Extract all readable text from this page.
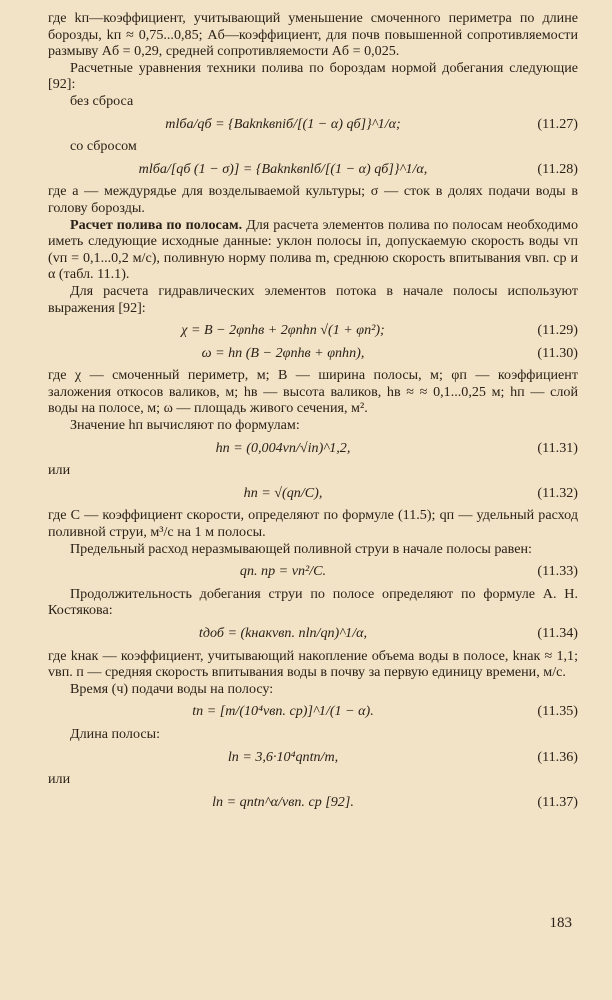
где kп—коэффициент, учитывающий уменьшение смоченного периметра по длине борозды, kп ≈ 0,75...0,85; Aб—коэффициент, для почв повышенной сопротивляемости размыву Aб = 0,29, средней сопротивляемости Aб = 0,025.

Расчетные уравнения техники полива по бороздам нормой добегания следующие [92]:

без сброса

mlбa/qб = {Bаkпkвпiб/[(1 − α) qб]}^1/α;	(11.27)

со сбросом

mlбa/[qб (1 − σ)] = {Bаkпkвпlб/[(1 − α) qб]}^1/α,	(11.28)

где a — междурядье для возделываемой культуры; σ — сток в долях подачи воды в голову борозды.

Расчет полива по полосам. Для расчета элементов полива по полосам необходимо иметь следующие исходные данные: уклон полосы iп, допускаемую скорость воды vп (vп = 0,1...0,2 м/с), поливную норму полива m, среднюю скорость впитывания vвп. ср и α (табл. 11.1).

Для расчета гидравлических элементов потока в начале полосы используют выражения [92]:

χ = B − 2φпhв + 2φпhп √(1 + φп²);	(11.29)
ω = hп (B − 2φпhв + φпhп),	(11.30)

где χ — смоченный периметр, м; B — ширина полосы, м; φп — коэффициент заложения откосов валиков, м; hв — высота валиков, hв ≈ ≈ 0,1...0,25 м; hп — слой воды на полосе, м; ω — площадь живого сечения, м².

Значение hп вычисляют по формулам:

hп = (0,004vп/√iп)^1,2,	(11.31)

или

hп = √(qп/C),	(11.32)

где C — коэффициент скорости, определяют по формуле (11.5); qп — удельный расход поливной струи, м³/с на 1 м полосы.

Предельный расход неразмывающей поливной струи в начале полосы равен:

qп. пр = vп²/C.	(11.33)

Продолжительность добегания струи по полосе определяют по формуле А. Н. Костякова:

tдоб = (kнакvвп. пlп/qп)^1/α,	(11.34)

где kнак — коэффициент, учитывающий накопление объема воды в полосе, kнак ≈ 1,1; vвп. п — средняя скорость впитывания воды в почву за первую единицу времени, м/с.

Время (ч) подачи воды на полосу:

tп = [m/(10⁴vвп. ср)]^1/(1 − α).	(11.35)

Длина полосы:

lп = 3,6·10⁴qпtп/m,	(11.36)

или

lп = qпtп^α/vвп. ср [92].	(11.37)
183
